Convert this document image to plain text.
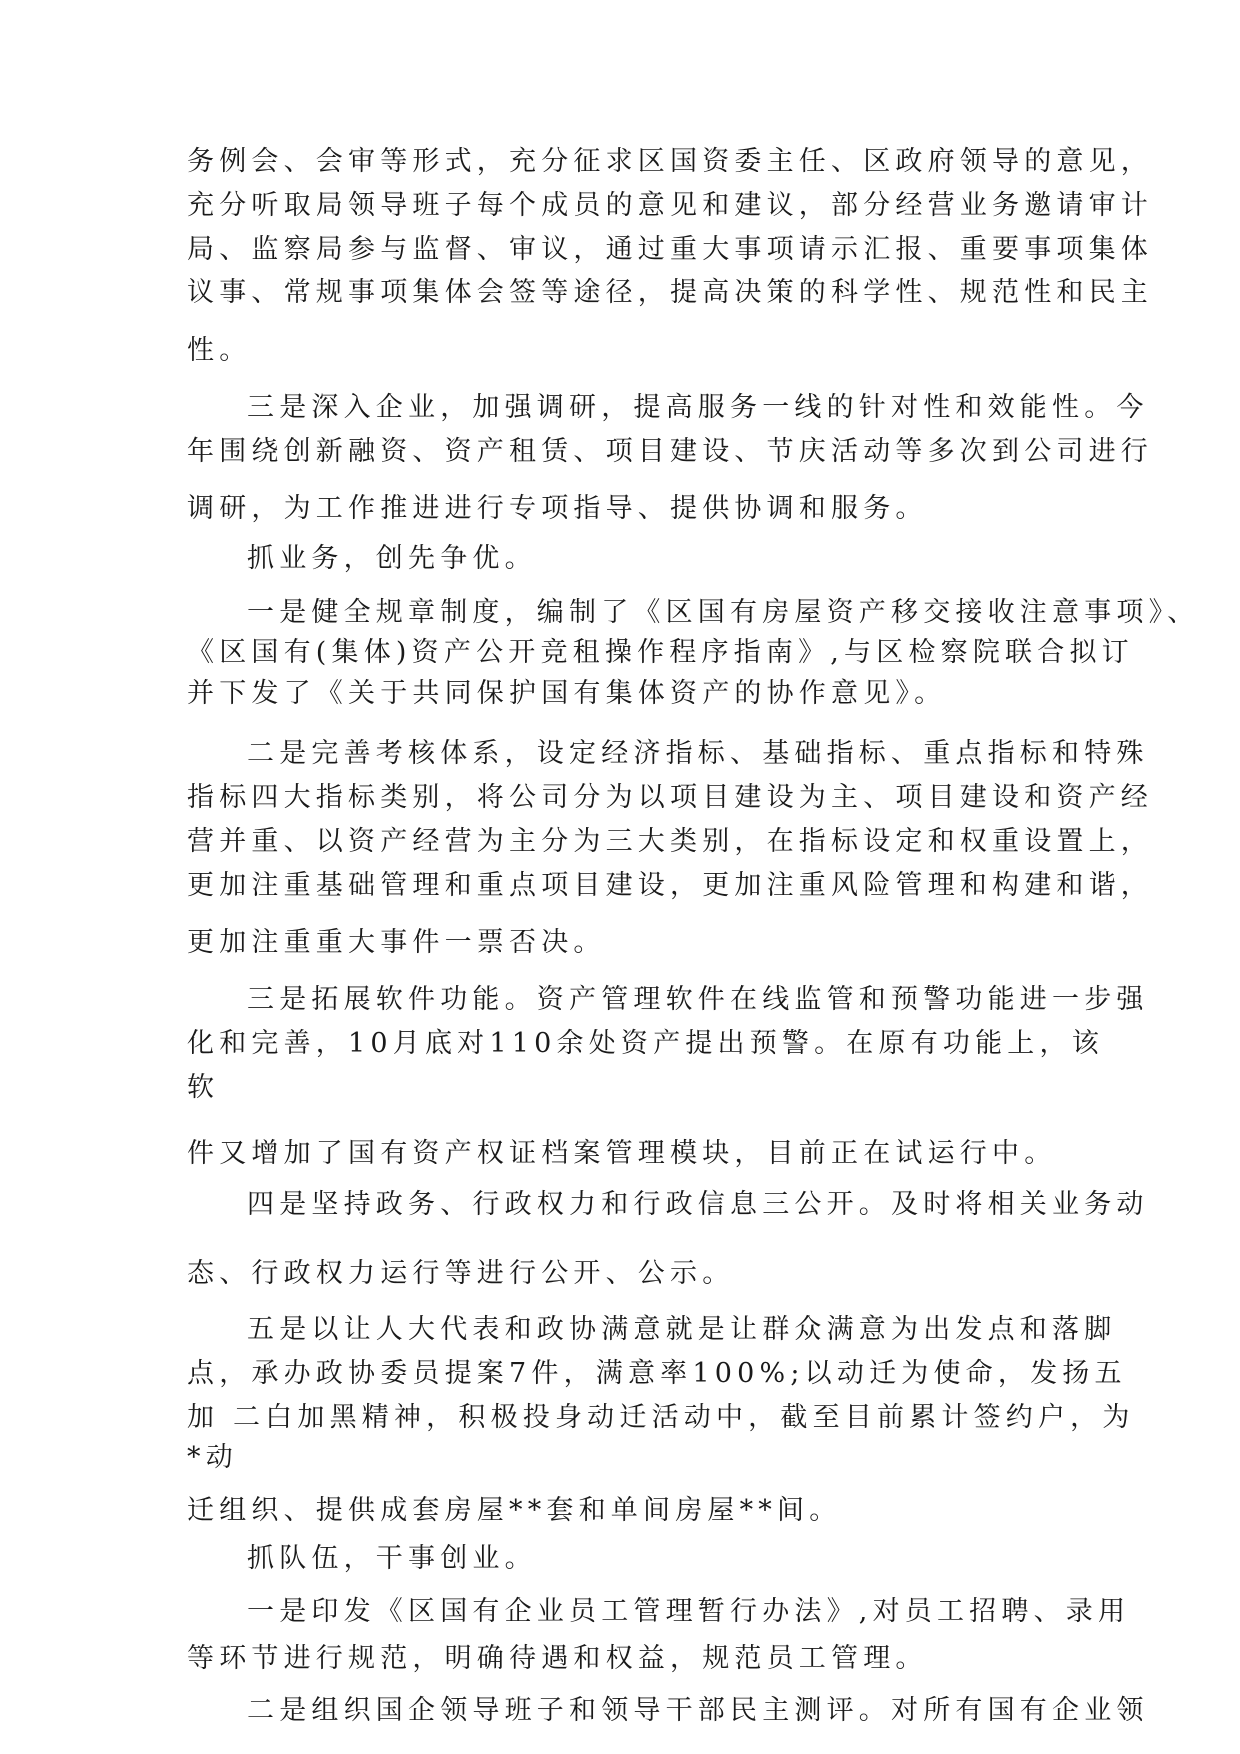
务例会、会审等形式，充分征求区国资委主任、区政府领导的意见，
充分听取局领导班子每个成员的意见和建议，部分经营业务邀请审计
局、监察局参与监督、审议，通过重大事项请示汇报、重要事项集体
议事、常规事项集体会签等途径，提高决策的科学性、规范性和民主
性。
三是深入企业，加强调研，提高服务一线的针对性和效能性。今
年围绕创新融资、资产租赁、项目建设、节庆活动等多次到公司进行
调研，为工作推进进行专项指导、提供协调和服务。
抓业务，创先争优。
一是健全规章制度，编制了《区国有房屋资产移交接收注意事项》、
《区国有(集体)资产公开竞租操作程序指南》,与区检察院联合拟订
并下发了《关于共同保护国有集体资产的协作意见》。
二是完善考核体系，设定经济指标、基础指标、重点指标和特殊
指标四大指标类别，将公司分为以项目建设为主、项目建设和资产经
营并重、以资产经营为主分为三大类别，在指标设定和权重设置上，
更加注重基础管理和重点项目建设，更加注重风险管理和构建和谐，
更加注重重大事件一票否决。
三是拓展软件功能。资产管理软件在线监管和预警功能进一步强
化和完善，10月底对110余处资产提出预警。在原有功能上，该
软
件又增加了国有资产权证档案管理模块，目前正在试运行中。
四是坚持政务、行政权力和行政信息三公开。及时将相关业务动
态、行政权力运行等进行公开、公示。
五是以让人大代表和政协满意就是让群众满意为出发点和落脚
点，承办政协委员提案7件，满意率100%;以动迁为使命，发扬五
加 二白加黑精神，积极投身动迁活动中，截至目前累计签约户，为
*动
迁组织、提供成套房屋**套和单间房屋**间。
抓队伍，干事创业。
一是印发《区国有企业员工管理暂行办法》,对员工招聘、录用
等环节进行规范，明确待遇和权益，规范员工管理。
二是组织国企领导班子和领导干部民主测评。对所有国有企业领
